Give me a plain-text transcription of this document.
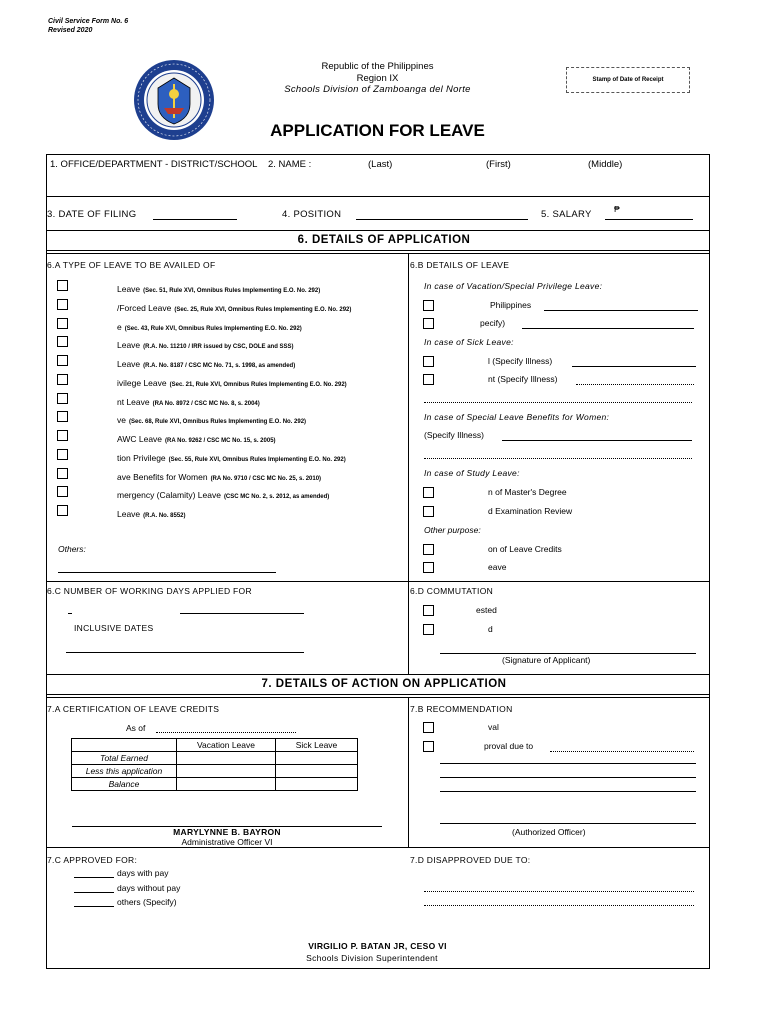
Civil Service Form No. 6
Revised 2020
Republic of the Philippines
Region IX
Schools Division of Zamboanga del Norte
Stamp of Date of Receipt
APPLICATION FOR LEAVE
1. OFFICE/DEPARTMENT - DISTRICT/SCHOOL 2. NAME :	(Last)	(First)	(Middle)
3. DATE OF FILING	4. POSITION	5. SALARY	₱
6. DETAILS OF APPLICATION
6.A TYPE OF LEAVE TO BE AVAILED OF
Leave (Sec. 51, Rule XVI, Omnibus Rules Implementing E.O. No. 292)
/Forced Leave (Sec. 25, Rule XVI, Omnibus Rules Implementing E.O. No. 292)
e (Sec. 43, Rule XVI, Omnibus Rules Implementing E.O. No. 292)
Leave (R.A. No. 11210 / IRR issued by CSC, DOLE and SSS)
Leave (R.A. No. 8187 / CSC MC No. 71, s. 1998, as amended)
ivilege Leave (Sec. 21, Rule XVI, Omnibus Rules Implementing E.O. No. 292)
nt Leave (RA No. 8972 / CSC MC No. 8, s. 2004)
ve (Sec. 68, Rule XVI, Omnibus Rules Implementing E.O. No. 292)
AWC Leave (RA No. 9262 / CSC MC No. 15, s. 2005)
tion Privilege (Sec. 55, Rule XVI, Omnibus Rules Implementing E.O. No. 292)
ave Benefits for Women (RA No. 9710 / CSC MC No. 25, s. 2010)
mergency (Calamity) Leave (CSC MC No. 2, s. 2012, as amended)
Leave (R.A. No. 8552)
Others:
6.B DETAILS OF LEAVE
In case of Vacation/Special Privilege Leave:
Philippines
pecify)
In case of Sick Leave:
l (Specify Illness)
nt (Specify Illness)
In case of Special Leave Benefits for Women:
(Specify Illness)
In case of Study Leave:
n of Master's Degree
d Examination Review
Other purpose:
on of Leave Credits
eave
6.C NUMBER OF WORKING DAYS APPLIED FOR
INCLUSIVE DATES
6.D COMMUTATION
ested
d
(Signature of Applicant)
7. DETAILS OF ACTION ON APPLICATION
7.A CERTIFICATION OF LEAVE CREDITS
As of
	Vacation Leave	Sick Leave
Total Earned		
Less this application		
Balance		
MARYLYNNE B. BAYRON
Administrative Officer VI
7.B RECOMMENDATION
val
proval due to
(Authorized Officer)
7.C APPROVED FOR:
days with pay
days without pay
others (Specify)
7.D DISAPPROVED DUE TO:
VIRGILIO P. BATAN JR, CESO VI
Schools Division Superintendent
